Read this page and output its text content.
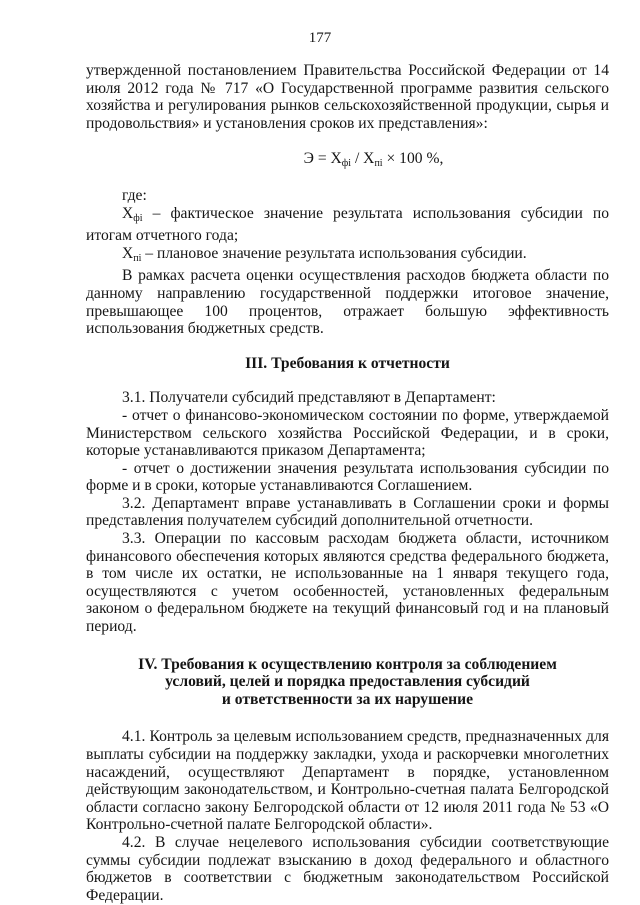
177

утвержденной постановлением Правительства Российской Федерации от 14 июля 2012 года № 717 «О Государственной программе развития сельского хозяйства и регулирования рынков сельскохозяйственной продукции, сырья и продовольствия» и установления сроков их представления»:

$Э = X_{фi} / X_{пi} \times 100$ %,

где:

$X_{фi}$ – фактическое значение результата использования субсидии по итогам отчетного года;

$X_{пi}$ – плановое значение результата использования субсидии.

В рамках расчета оценки осуществления расходов бюджета области по данному направлению государственной поддержки итоговое значение, превышающее 100 процентов, отражает большую эффективность использования бюджетных средств.

III. Требования к отчетности

3.1. Получатели субсидий представляют в Департамент:

- отчет о финансово-экономическом состоянии по форме, утверждаемой Министерством сельского хозяйства Российской Федерации, и в сроки, которые устанавливаются приказом Департамента;

- отчет о достижении значения результата использования субсидии по форме и в сроки, которые устанавливаются Соглашением.

3.2. Департамент вправе устанавливать в Соглашении сроки и формы представления получателем субсидий дополнительной отчетности.

3.3. Операции по кассовым расходам бюджета области, источником финансового обеспечения которых являются средства федерального бюджета, в том числе их остатки, не использованные на 1 января текущего года, осуществляются с учетом особенностей, установленных федеральным законом о федеральном бюджете на текущий финансовый год и на плановый период.

IV. Требования к осуществлению контроля за соблюдением
условий, целей и порядка предоставления субсидий
и ответственности за их нарушение

4.1. Контроль за целевым использованием средств, предназначенных для выплаты субсидии на поддержку закладки, ухода и раскорчевки многолетних насаждений, осуществляют Департамент в порядке, установленном действующим законодательством, и Контрольно-счетная палата Белгородской области согласно закону Белгородской области от 12 июля 2011 года № 53 «О Контрольно-счетной палате Белгородской области».

4.2. В случае нецелевого использования субсидии соответствующие суммы субсидии подлежат взысканию в доход федерального и областного бюджетов в соответствии с бюджетным законодательством Российской Федерации.
